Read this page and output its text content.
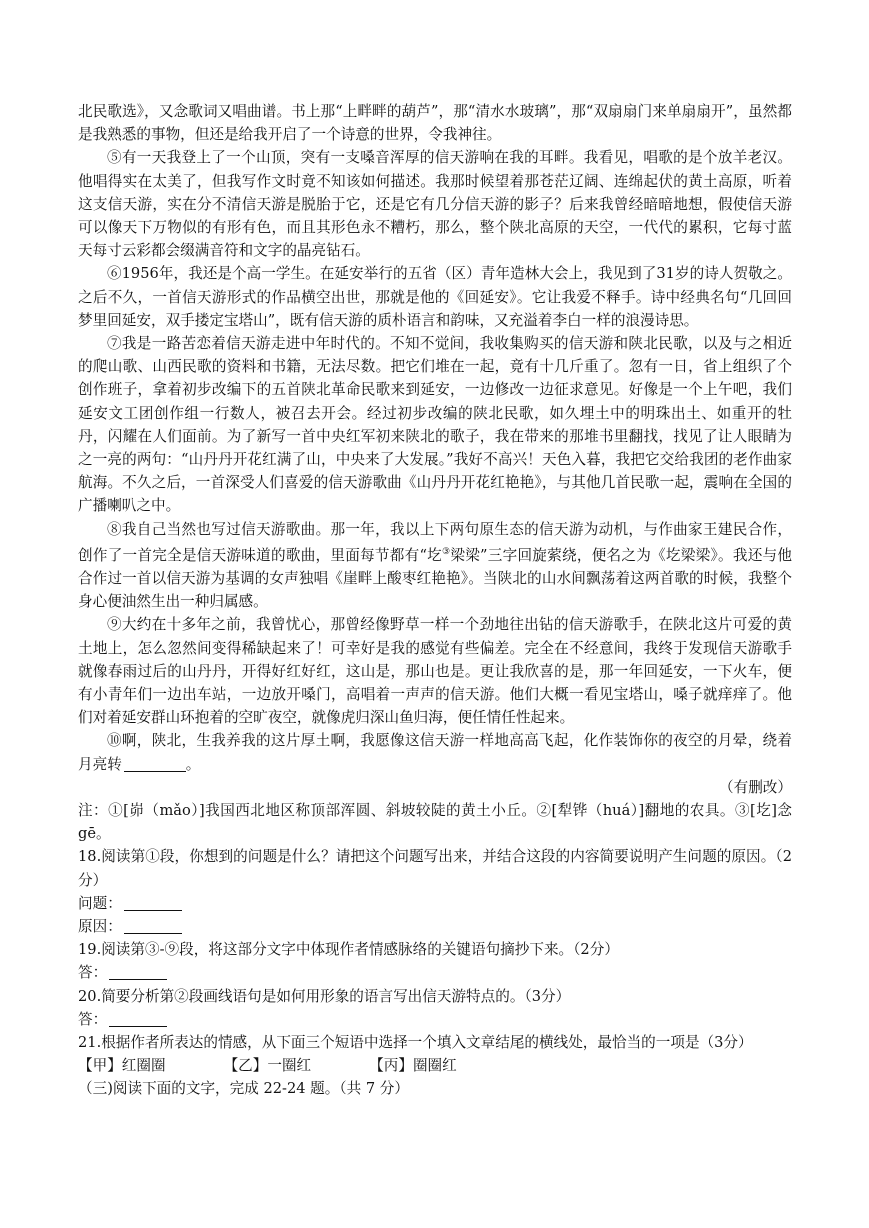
北民歌选》，又念歌词又唱曲谱。书上那“上畔畔的葫芦”，那“清水水玻璃”，那“双扇扇门来单扇扇开”，虽然都是我熟悉的事物，但还是给我开启了一个诗意的世界，令我神往。

⑤有一天我登上了一个山顶，突有一支嗓音浑厚的信天游响在我的耳畔。我看见，唱歌的是个放羊老汉。他唱得实在太美了，但我写作文时竟不知该如何描述。我那时候望着那苍茫辽阔、连绵起伏的黄土高原，听着这支信天游，实在分不清信天游是脱胎于它，还是它有几分信天游的影子？后来我曾经暗暗地想，假使信天游可以像天下万物似的有形有色，而且其形色永不糟朽，那么，整个陕北高原的天空，一代代的累积，它每寸蓝天每寸云彩都会缀满音符和文字的晶亮钻石。

⑥1956年，我还是个高一学生。在延安举行的五省（区）青年造林大会上，我见到了31岁的诗人贺敬之。之后不久，一首信天游形式的作品横空出世，那就是他的《回延安》。它让我爱不释手。诗中经典名句“几回回梦里回延安，双手搂定宝塔山”，既有信天游的质朴语言和韵味，又充溢着李白一样的浪漫诗思。

⑦我是一路苦恋着信天游走进中年时代的。不知不觉间，我收集购买的信天游和陕北民歌，以及与之相近的爬山歌、山西民歌的资料和书籍，无法尽数。把它们堆在一起，竟有十几斤重了。忽有一日，省上组织了个创作班子，拿着初步改编下的五首陕北革命民歌来到延安，一边修改一边征求意见。好像是一个上午吧，我们延安文工团创作组一行数人，被召去开会。经过初步改编的陕北民歌，如久埋土中的明珠出土、如重开的牡丹，闪耀在人们面前。为了新写一首中央红军初来陕北的歌子，我在带来的那堆书里翻找，找见了让人眼睛为之一亮的两句：“山丹丹开花红满了山，中央来了大发展。”我好不高兴！天色入暮，我把它交给我团的老作曲家航海。不久之后，一首深受人们喜爱的信天游歌曲《山丹丹开花红艳艳》，与其他几首民歌一起，震响在全国的广播喇叭之中。

⑧我自己当然也写过信天游歌曲。那一年，我以上下两句原生态的信天游为动机，与作曲家王建民合作，创作了一首完全是信天游味道的歌曲，里面每节都有“圪③梁梁”三字回旋萦绕，便名之为《圪梁梁》。我还与他合作过一首以信天游为基调的女声独唱《崖畔上酸枣红艳艳》。当陕北的山水间飘荡着这两首歌的时候，我整个身心便油然生出一种归属感。

⑨大约在十多年之前，我曾忧心，那曾经像野草一样一个劲地往出钻的信天游歌手，在陕北这片可爱的黄土地上，怎么忽然间变得稀缺起来了！可幸好是我的感觉有些偏差。完全在不经意间，我终于发现信天游歌手就像春雨过后的山丹丹，开得好红好红，这山是，那山也是。更让我欣喜的是，那一年回延安，一下火车，便有小青年们一边出车站，一边放开嗓门，高唱着一声声的信天游。他们大概一看见宝塔山，嗓子就痒痒了。他们对着延安群山环抱着的空旷夜空，就像虎归深山鱼归海，便任情任性起来。

⑩啊，陕北，生我养我的这片厚土啊，我愿像这信天游一样地高高飞起，化作装饰你的夜空的月晕，绕着月亮转	。

（有删改）

注：①[峁（mǎo）]我国西北地区称顶部浑圆、斜坡较陡的黄土小丘。②[犁铧（huá）]翻地的农具。③[圪]念 gē。

18.阅读第①段，你想到的问题是什么？请把这个问题写出来，并结合这段的内容简要说明产生问题的原因。（2分）

问题：

原因：

19.阅读第③-⑨段，将这部分文字中体现作者情感脉络的关键语句摘抄下来。（2分）

答：

20.简要分析第②段画线语句是如何用形象的语言写出信天游特点的。（3分）

答：

21.根据作者所表达的情感，从下面三个短语中选择一个填入文章结尾的横线处，最恰当的一项是（3分）

【甲】红圈圈	【乙】一圈红	【丙】圈圈红

（三)阅读下面的文字，完成 22-24 题。（共 7 分）
